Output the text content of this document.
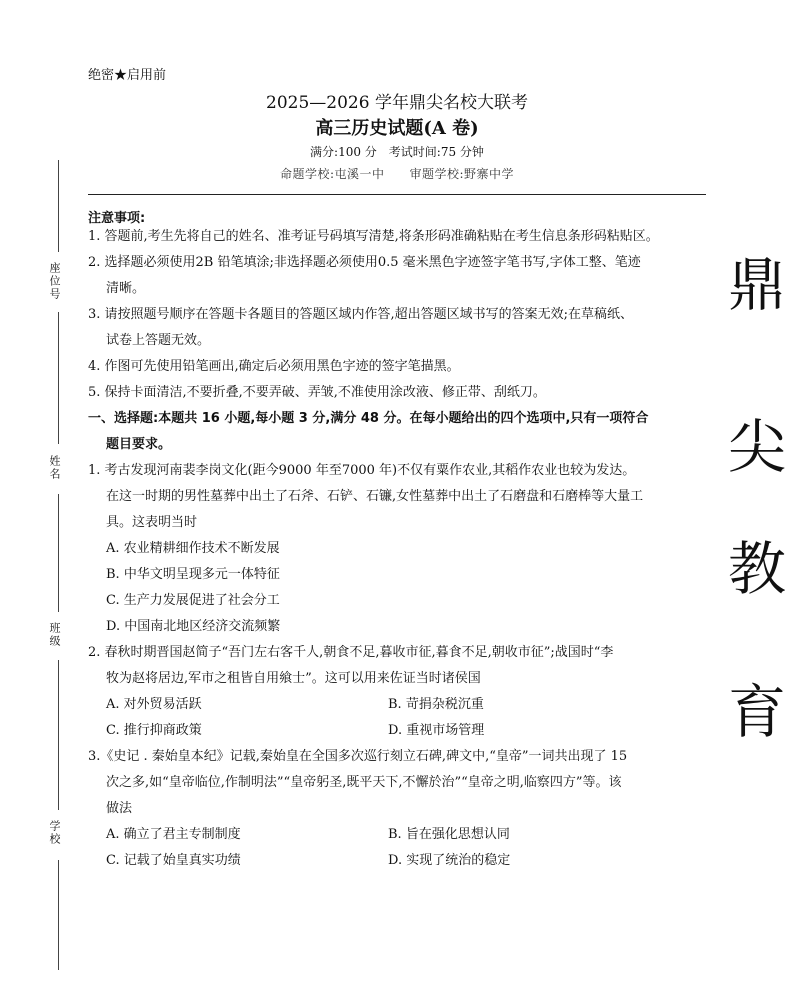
绝密★启用前
2025—2026 学年鼎尖名校大联考
高三历史试题(A 卷)
满分:100 分　考试时间:75 分钟
命题学校:屯溪一中　　审题学校:野寨中学
座位号
姓名
班级
学校
鼎
尖
教
育
注意事项:

1. 答题前,考生先将自己的姓名、准考证号码填写清楚,将条形码准确粘贴在考生信息条形码粘贴区。

2. 选择题必须使用2B 铅笔填涂;非选择题必须使用0.5 毫米黑色字迹签字笔书写,字体工整、笔迹

清晰。

3. 请按照题号顺序在答题卡各题目的答题区域内作答,超出答题区域书写的答案无效;在草稿纸、

试卷上答题无效。

4. 作图可先使用铅笔画出,确定后必须用黑色字迹的签字笔描黑。

5. 保持卡面清洁,不要折叠,不要弄破、弄皱,不准使用涂改液、修正带、刮纸刀。

一、选择题:本题共 16 小题,每小题 3 分,满分 48 分。在每小题给出的四个选项中,只有一项符合

题目要求。

1. 考古发现河南裴李岗文化(距今9000 年至7000 年)不仅有粟作农业,其稻作农业也较为发达。

在这一时期的男性墓葬中出土了石斧、石铲、石镰,女性墓葬中出土了石磨盘和石磨棒等大量工

具。这表明当时

A. 农业精耕细作技术不断发展

B. 中华文明呈现多元一体特征

C. 生产力发展促进了社会分工

D. 中国南北地区经济交流频繁

2. 春秋时期晋国赵简子“吾门左右客千人,朝食不足,暮收市征,暮食不足,朝收市征”;战国时“李

牧为赵将居边,军市之租皆自用飨士”。这可以用来佐证当时诸侯国

A. 对外贸易活跃	B. 苛捐杂税沉重

C. 推行抑商政策	D. 重视市场管理

3.《史记 . 秦始皇本纪》记载,秦始皇在全国多次巡行刻立石碑,碑文中,“皇帝”一词共出现了 15

次之多,如“皇帝临位,作制明法”“皇帝躬圣,既平天下,不懈於治”“皇帝之明,临察四方”等。该

做法

A. 确立了君主专制制度	B. 旨在强化思想认同

C. 记载了始皇真实功绩	D. 实现了统治的稳定
